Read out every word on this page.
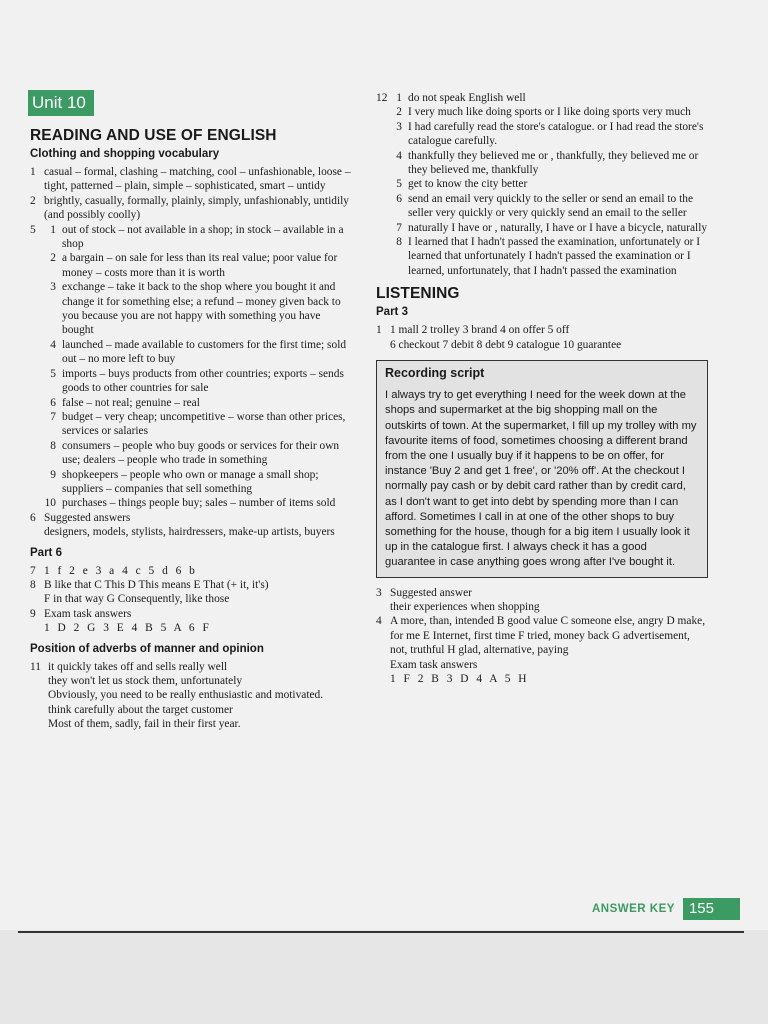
Unit 10
READING AND USE OF ENGLISH
Clothing and shopping vocabulary
1 casual – formal, clashing – matching, cool – unfashionable, loose – tight, patterned – plain, simple – sophisticated, smart – untidy
2 brightly, casually, formally, plainly, simply, unfashionably, untidily (and possibly coolly)
5	1 out of stock – not available in a shop; in stock – available in a shop
2 a bargain – on sale for less than its real value; poor value for money – costs more than it is worth
3 exchange – take it back to the shop where you bought it and change it for something else; a refund – money given back to you because you are not happy with something you have bought
4 launched – made available to customers for the first time; sold out – no more left to buy
5 imports – buys products from other countries; exports – sends goods to other countries for sale
6 false – not real; genuine – real
7 budget – very cheap; uncompetitive – worse than other prices, services or salaries
8 consumers – people who buy goods or services for their own use; dealers – people who trade in something
9 shopkeepers – people who own or manage a small shop; suppliers – companies that sell something
10 purchases – things people buy; sales – number of items sold
6 Suggested answers
designers, models, stylists, hairdressers, make-up artists, buyers
Part 6
7 1 f 2 e 3 a 4 c 5 d 6 b
8 B like that C This D This means E That (+ it, it's)
F in that way G Consequently, like those
9 Exam task answers
1 D 2 G 3 E 4 B 5 A 6 F
Position of adverbs of manner and opinion
11 it quickly takes off and sells really well
they won't let us stock them, unfortunately
Obviously, you need to be really enthusiastic and motivated.
think carefully about the target customer
Most of them, sadly, fail in their first year.
12 1 do not speak English well
2 I very much like doing sports or I like doing sports very much
3 I had carefully read the store's catalogue. or I had read the store's catalogue carefully.
4 thankfully they believed me or , thankfully, they believed me or they believed me, thankfully
5 get to know the city better
6 send an email very quickly to the seller or send an email to the seller very quickly or very quickly send an email to the seller
7 naturally I have or , naturally, I have or I have a bicycle, naturally
8 I learned that I hadn't passed the examination, unfortunately or I learned that unfortunately I hadn't passed the examination or I learned, unfortunately, that I hadn't passed the examination
LISTENING
Part 3
1 1 mall 2 trolley 3 brand 4 on offer 5 off
6 checkout 7 debit 8 debt 9 catalogue 10 guarantee
Recording script
I always try to get everything I need for the week down at the shops and supermarket at the big shopping mall on the outskirts of town. At the supermarket, I fill up my trolley with my favourite items of food, sometimes choosing a different brand from the one I usually buy if it happens to be on offer, for instance 'Buy 2 and get 1 free', or '20% off'. At the checkout I normally pay cash or by debit card rather than by credit card, as I don't want to get into debt by spending more than I can afford. Sometimes I call in at one of the other shops to buy something for the house, though for a big item I usually look it up in the catalogue first. I always check it has a good guarantee in case anything goes wrong after I've bought it.
3 Suggested answer
their experiences when shopping
4 A more, than, intended B good value C someone else, angry D make, for me E Internet, first time F tried, money back G advertisement, not, truthful H glad, alternative, paying
Exam task answers
1 F 2 B 3 D 4 A 5 H
ANSWER KEY 155
